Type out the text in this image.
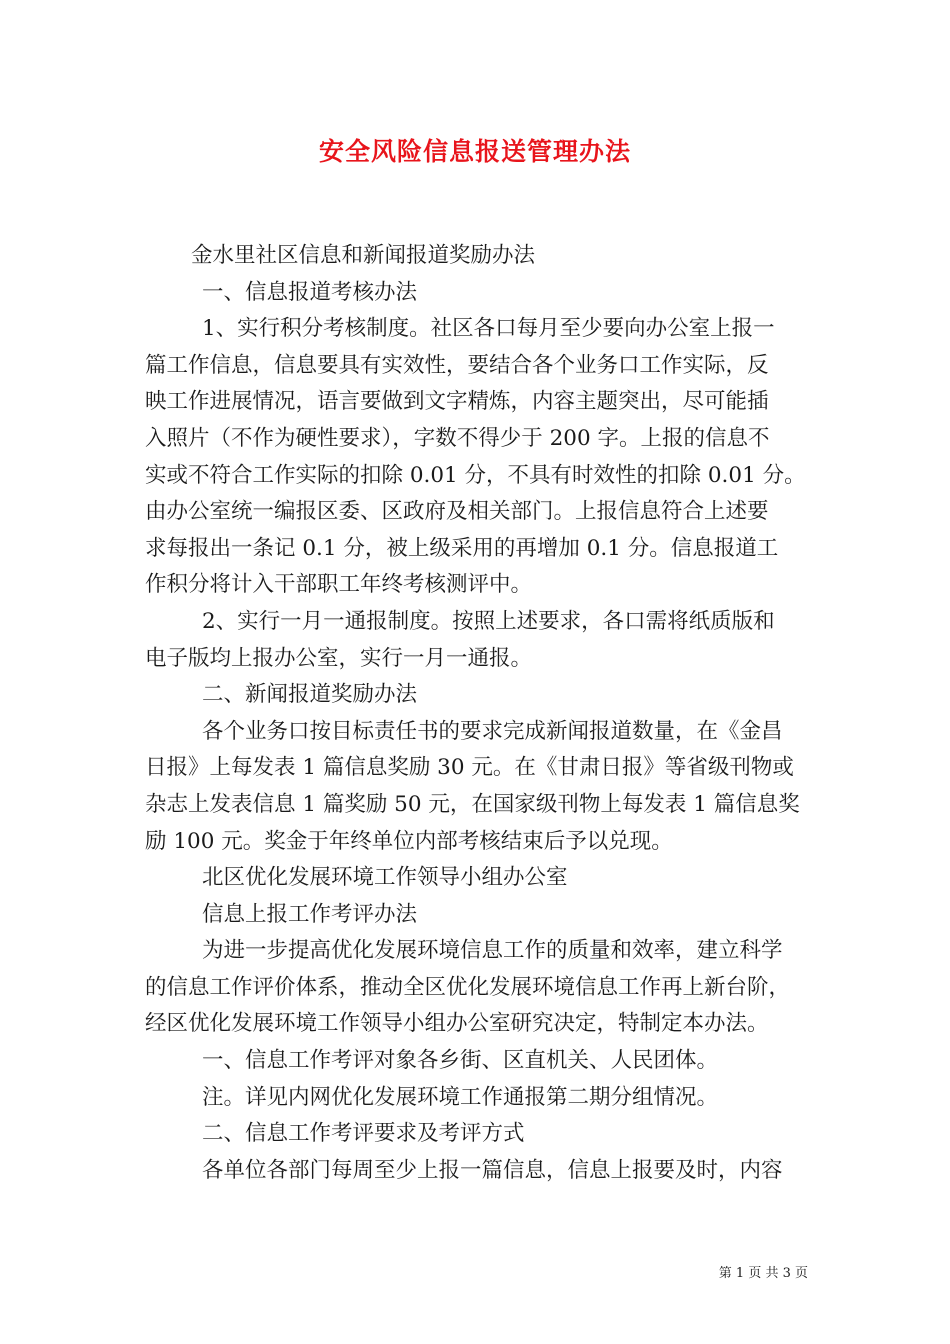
安全风险信息报送管理办法
金水里社区信息和新闻报道奖励办法
一、信息报道考核办法
1、实行积分考核制度。社区各口每月至少要向办公室上报一
篇工作信息，信息要具有实效性，要结合各个业务口工作实际，反
映工作进展情况，语言要做到文字精炼，内容主题突出，尽可能插
入照片（不作为硬性要求），字数不得少于 200 字。上报的信息不
实或不符合工作实际的扣除 0.01 分，不具有时效性的扣除 0.01 分。
由办公室统一编报区委、区政府及相关部门。上报信息符合上述要
求每报出一条记 0.1 分，被上级采用的再增加 0.1 分。信息报道工
作积分将计入干部职工年终考核测评中。
2、实行一月一通报制度。按照上述要求，各口需将纸质版和
电子版均上报办公室，实行一月一通报。
二、新闻报道奖励办法
各个业务口按目标责任书的要求完成新闻报道数量，在《金昌
日报》上每发表 1 篇信息奖励 30 元。在《甘肃日报》等省级刊物或
杂志上发表信息 1 篇奖励 50 元，在国家级刊物上每发表 1 篇信息奖
励 100 元。奖金于年终单位内部考核结束后予以兑现。
北区优化发展环境工作领导小组办公室
信息上报工作考评办法
为进一步提高优化发展环境信息工作的质量和效率，建立科学
的信息工作评价体系，推动全区优化发展环境信息工作再上新台阶，
经区优化发展环境工作领导小组办公室研究决定，特制定本办法。
一、信息工作考评对象各乡街、区直机关、人民团体。
注。详见内网优化发展环境工作通报第二期分组情况。
二、信息工作考评要求及考评方式
各单位各部门每周至少上报一篇信息，信息上报要及时，内容
第 1 页 共 3 页
